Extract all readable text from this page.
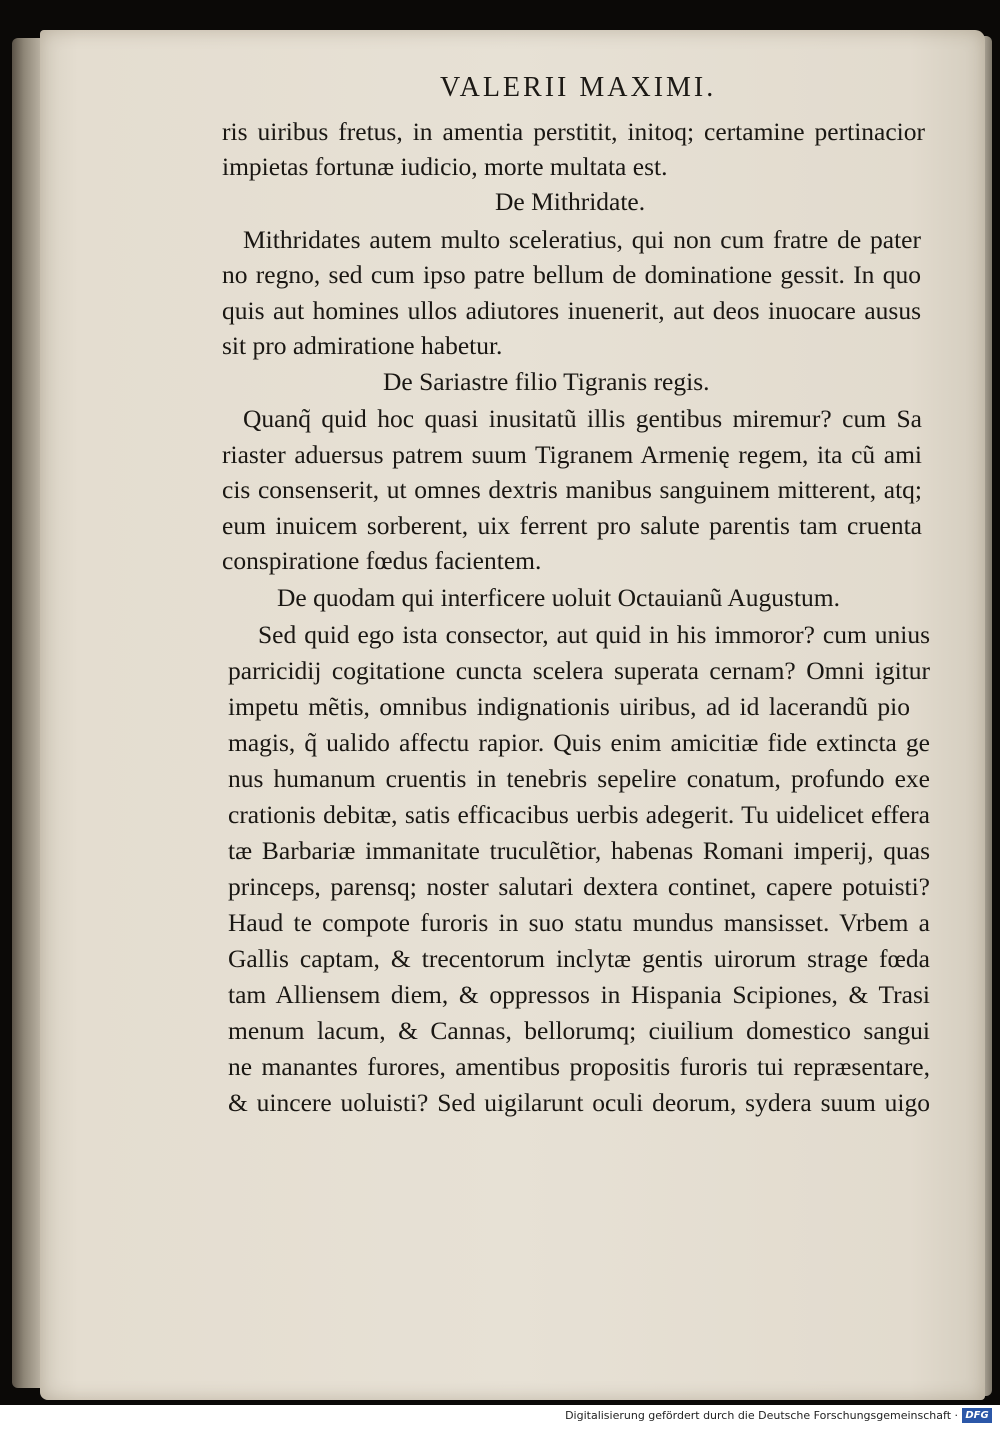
VALERII MAXIMI.
ris uiribus fretus, in amentia perstitit, initoq; certamine pertinacior
impietas fortunæ iudicio, morte multata est.
De Mithridate.
Mithridates autem multo sceleratius, qui non cum fratre de pater
no regno, sed cum ipso patre bellum de dominatione gessit. In quo
quis aut homines ullos adiutores inuenerit, aut deos inuocare ausus
sit pro admiratione habetur.
De Sariastre filio Tigranis regis.
Quanq̃ quid hoc quasi inusitatũ illis gentibus miremur? cum Sa
riaster aduersus patrem suum Tigranem Armenię regem, ita cũ ami
cis consenserit, ut omnes dextris manibus sanguinem mitterent, atq;
eum inuicem sorberent, uix ferrent pro salute parentis tam cruenta
conspiratione fœdus facientem.
De quodam qui interficere uoluit Octauianũ Augustum.
Sed quid ego ista consector, aut quid in his immoror? cum unius
parricidij cogitatione cuncta scelera superata cernam? Omni igitur
impetu mẽtis, omnibus indignationis uiribus, ad id lacerandũ pio
magis, q̃ ualido affectu rapior. Quis enim amicitiæ fide extincta ge
nus humanum cruentis in tenebris sepelire conatum, profundo exe
crationis debitæ, satis efficacibus uerbis adegerit. Tu uidelicet effera
tæ Barbariæ immanitate truculẽtior, habenas Romani imperij, quas
princeps, parensq; noster salutari dextera continet, capere potuisti?
Haud te compote furoris in suo statu mundus mansisset. Vrbem a
Gallis captam, & trecentorum inclytæ gentis uirorum strage fœda
tam Alliensem diem, & oppressos in Hispania Scipiones, & Trasi
menum lacum, & Cannas, bellorumq; ciuilium domestico sangui
ne manantes furores, amentibus propositis furoris tui repræsentare,
& uincere uoluisti? Sed uigilarunt oculi deorum, sydera suum uigo
Digitalisierung gefördert durch die Deutsche Forschungsgemeinschaft · DFG
